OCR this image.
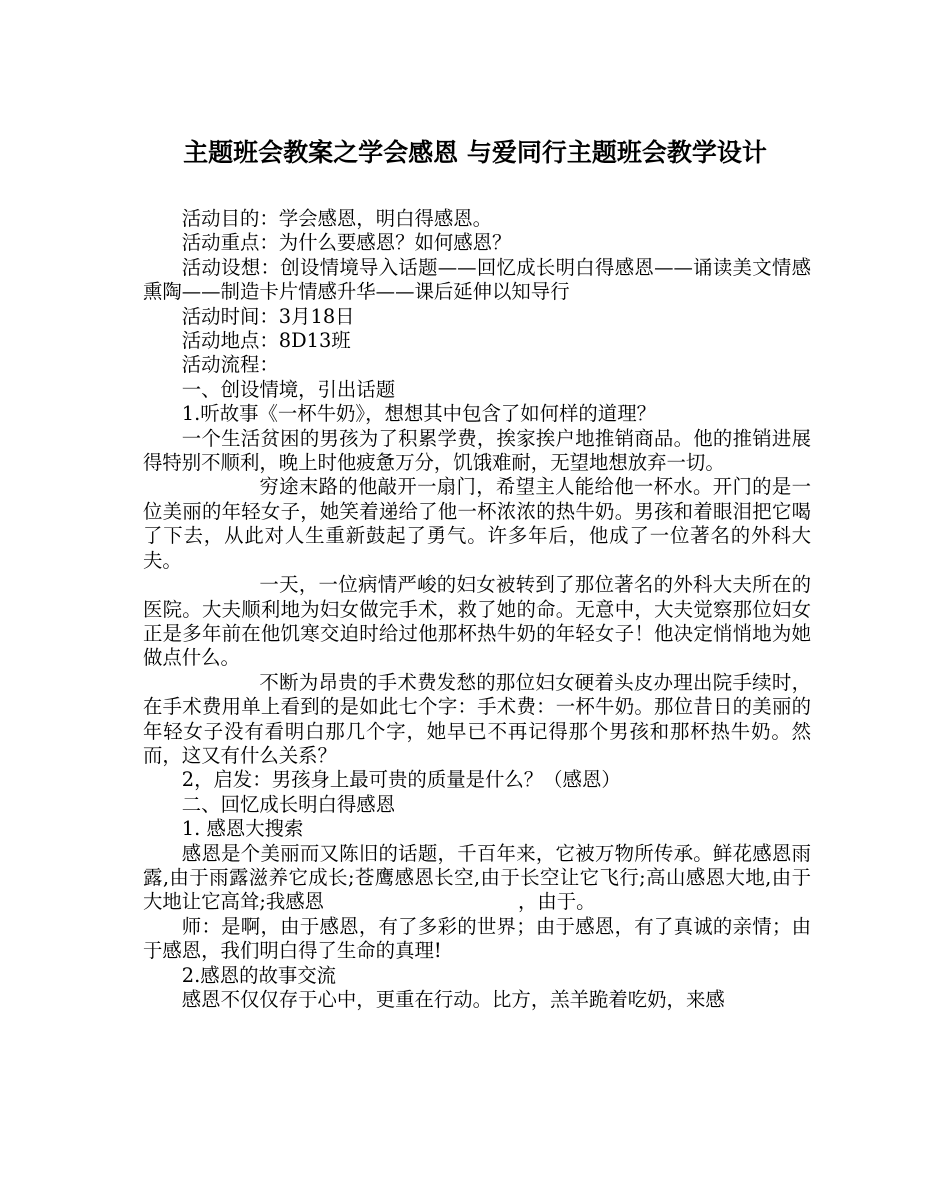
主题班会教案之学会感恩 与爱同行主题班会教学设计

活动目的：学会感恩，明白得感恩。

活动重点：为什么要感恩？如何感恩？

活动设想：创设情境导入话题——回忆成长明白得感恩——诵读美文情感熏陶——制造卡片情感升华——课后延伸以知导行

活动时间：3月18日

活动地点：8D13班

活动流程：

一、创设情境，引出话题

1.听故事《一杯牛奶》，想想其中包含了如何样的道理？

一个生活贫困的男孩为了积累学费，挨家挨户地推销商品。他的推销进展得特别不顺利，晚上时他疲惫万分，饥饿难耐，无望地想放弃一切。

穷途末路的他敲开一扇门，希望主人能给他一杯水。开门的是一位美丽的年轻女子，她笑着递给了他一杯浓浓的热牛奶。男孩和着眼泪把它喝了下去，从此对人生重新鼓起了勇气。许多年后，他成了一位著名的外科大夫。

一天，一位病情严峻的妇女被转到了那位著名的外科大夫所在的医院。大夫顺利地为妇女做完手术，救了她的命。无意中，大夫觉察那位妇女正是多年前在他饥寒交迫时给过他那杯热牛奶的年轻女子！他决定悄悄地为她做点什么。

不断为昂贵的手术费发愁的那位妇女硬着头皮办理出院手续时，在手术费用单上看到的是如此七个字：手术费：一杯牛奶。那位昔日的美丽的年轻女子没有看明白那几个字，她早已不再记得那个男孩和那杯热牛奶。然而，这又有什么关系？

2，启发：男孩身上最可贵的质量是什么？（感恩）

二、回忆成长明白得感恩

1. 感恩大搜索

感恩是个美丽而又陈旧的话题，千百年来，它被万物所传承。鲜花感恩雨露,由于雨露滋养它成长;苍鹰感恩长空,由于长空让它飞行;高山感恩大地,由于大地让它高耸;我感恩　　　　　　　　　　，由于。

师：是啊，由于感恩，有了多彩的世界；由于感恩，有了真诚的亲情；由于感恩，我们明白得了生命的真理!

2.感恩的故事交流

感恩不仅仅存于心中，更重在行动。比方，羔羊跪着吃奶，来感
